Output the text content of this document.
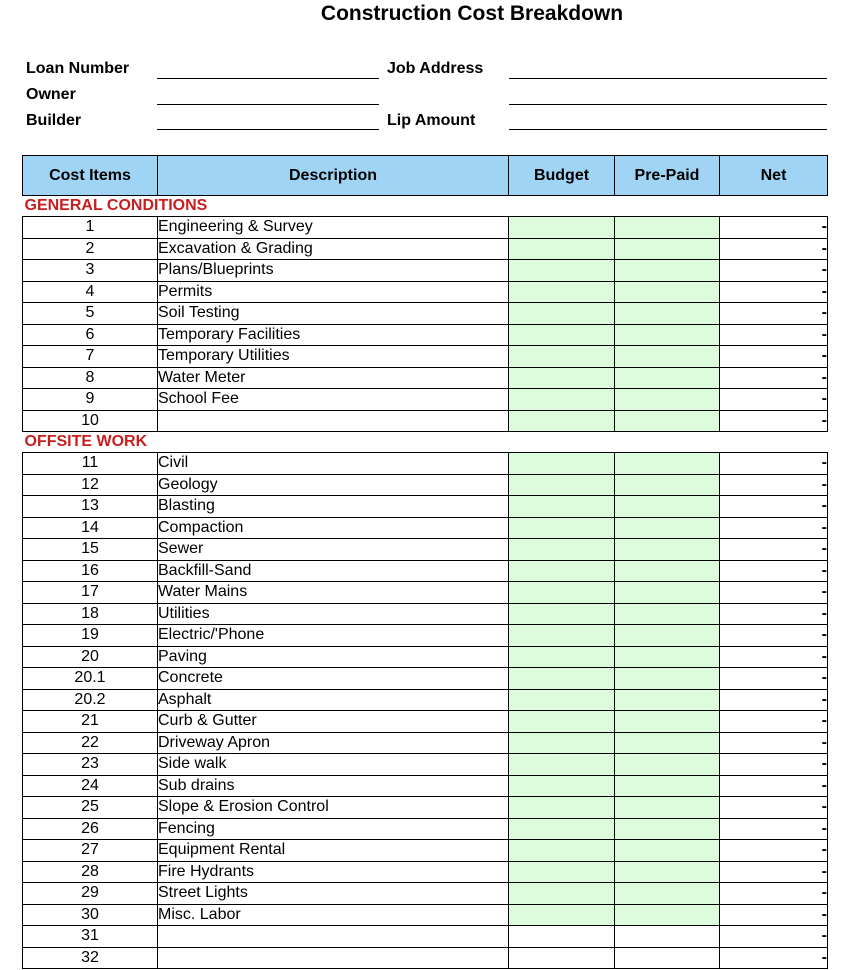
Construction Cost Breakdown
Loan Number
Owner
Builder
Job Address
Lip Amount
Cost Items	Description	Budget	Pre-Paid	Net
GENERAL CONDITIONS				
1	Engineering & Survey			-
2	Excavation & Grading			-
3	Plans/Blueprints			-
4	Permits			-
5	Soil Testing			-
6	Temporary Facilities			-
7	Temporary Utilities			-
8	Water Meter			-
9	School Fee			-
10				-
OFFSITE WORK				
11	Civil			-
12	Geology			-
13	Blasting			-
14	Compaction			-
15	Sewer			-
16	Backfill-Sand			-
17	Water Mains			-
18	Utilities			-
19	Electric/'Phone			-
20	Paving			-
20.1	Concrete			-
20.2	Asphalt			-
21	Curb & Gutter			-
22	Driveway Apron			-
23	Side walk			-
24	Sub drains			-
25	Slope & Erosion Control			-
26	Fencing			-
27	Equipment Rental			-
28	Fire Hydrants			-
29	Street Lights			-
30	Misc. Labor			-
31				-
32				-
